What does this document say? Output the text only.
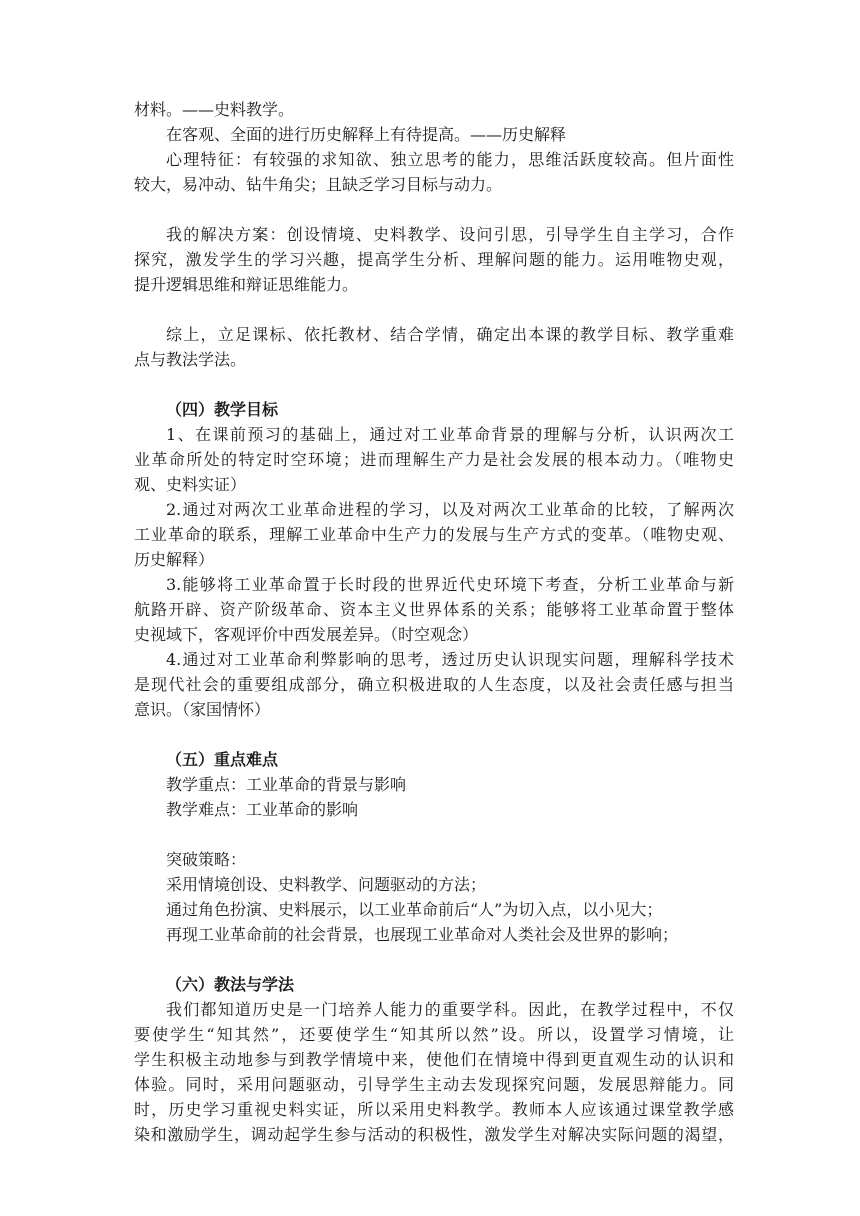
材料。——史料教学。
在客观、全面的进行历史解释上有待提高。——历史解释
心理特征：有较强的求知欲、独立思考的能力，思维活跃度较高。但片面性
较大，易冲动、钻牛角尖；且缺乏学习目标与动力。
我的解决方案：创设情境、史料教学、设问引思，引导学生自主学习，合作
探究，激发学生的学习兴趣，提高学生分析、理解问题的能力。运用唯物史观，
提升逻辑思维和辩证思维能力。
综上，立足课标、依托教材、结合学情，确定出本课的教学目标、教学重难
点与教法学法。
（四）教学目标
1、在课前预习的基础上，通过对工业革命背景的理解与分析，认识两次工
业革命所处的特定时空环境；进而理解生产力是社会发展的根本动力。（唯物史
观、史料实证）
2.通过对两次工业革命进程的学习，以及对两次工业革命的比较，了解两次
工业革命的联系，理解工业革命中生产力的发展与生产方式的变革。（唯物史观、
历史解释）
3.能够将工业革命置于长时段的世界近代史环境下考查，分析工业革命与新
航路开辟、资产阶级革命、资本主义世界体系的关系；能够将工业革命置于整体
史视域下，客观评价中西发展差异。（时空观念）
4.通过对工业革命利弊影响的思考，透过历史认识现实问题，理解科学技术
是现代社会的重要组成部分，确立积极进取的人生态度，以及社会责任感与担当
意识。（家国情怀）
（五）重点难点
教学重点：工业革命的背景与影响
教学难点：工业革命的影响
突破策略：
采用情境创设、史料教学、问题驱动的方法；
通过角色扮演、史料展示，以工业革命前后“人”为切入点，以小见大；
再现工业革命前的社会背景，也展现工业革命对人类社会及世界的影响；
（六）教法与学法
我们都知道历史是一门培养人能力的重要学科。因此，在教学过程中，不仅
要使学生“知其然”，还要使学生“知其所以然”设。所以，设置学习情境，让
学生积极主动地参与到教学情境中来，使他们在情境中得到更直观生动的认识和
体验。同时，采用问题驱动，引导学生主动去发现探究问题，发展思辩能力。同
时，历史学习重视史料实证，所以采用史料教学。教师本人应该通过课堂教学感
染和激励学生，调动起学生参与活动的积极性，激发学生对解决实际问题的渴望，
